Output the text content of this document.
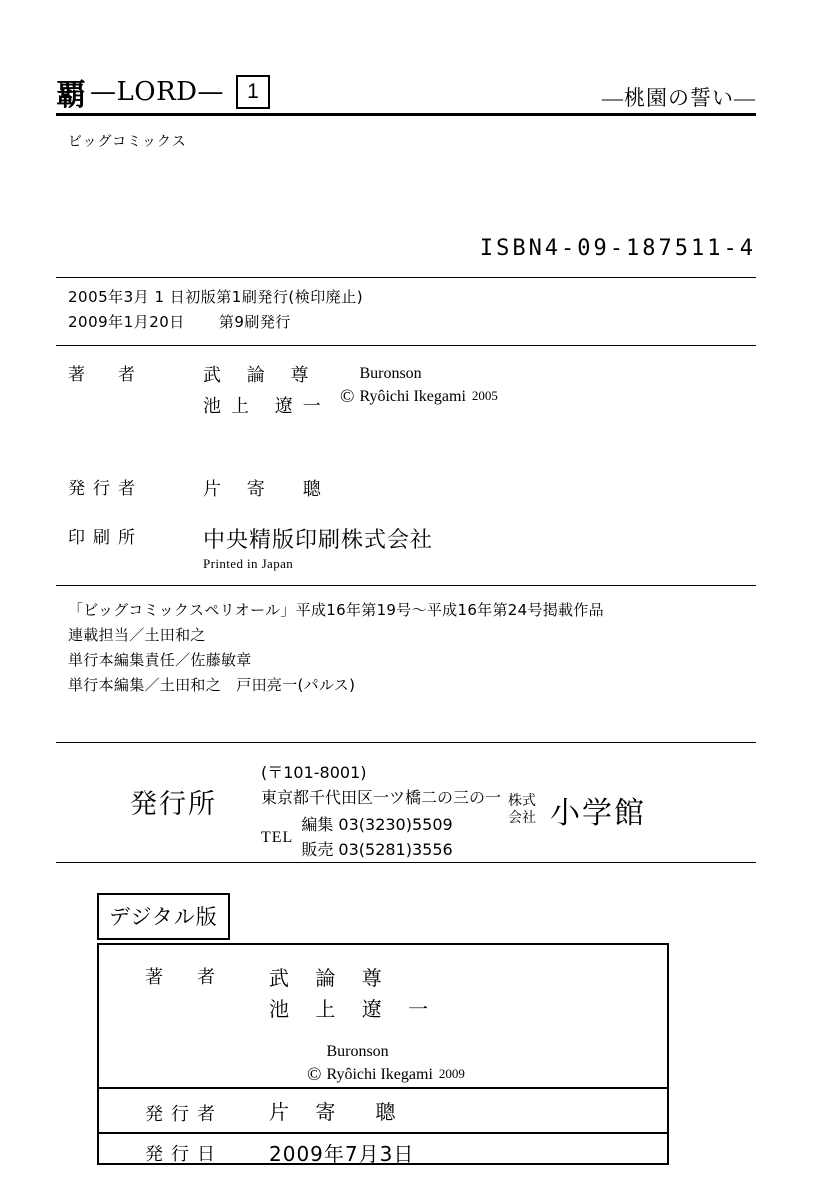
覇 —LORD—	1	—桃園の誓い—
ビッグコミックス
ISBN4-09-187511-4
2005年3月 1 日初版第1刷発行(検印廃止)
2009年1月20日 第9刷発行
著　者	武 論 尊
池上 遼一
発行者	片 寄　聰
印刷所	中央精版印刷株式会社
Printed in Japan
Buronson
© Ryôichi Ikegami 2005
「ビッグコミックスペリオール」平成16年第19号～平成16年第24号掲載作品
連載担当／土田和之
単行本編集責任／佐藤敏章
単行本編集／土田和之　戸田亮一(パルス)
発行所
(〒101-8001)
東京都千代田区一ツ橋二の三の一
TEL
編集 03(3230)5509
販売 03(5281)3556
株式
会社 小学館
デジタル版
著　者	武 論 尊
池 上 遼 一
Buronson
© Ryôichi Ikegami 2009
発行者	片 寄　聰
発行日	2009年7月3日
